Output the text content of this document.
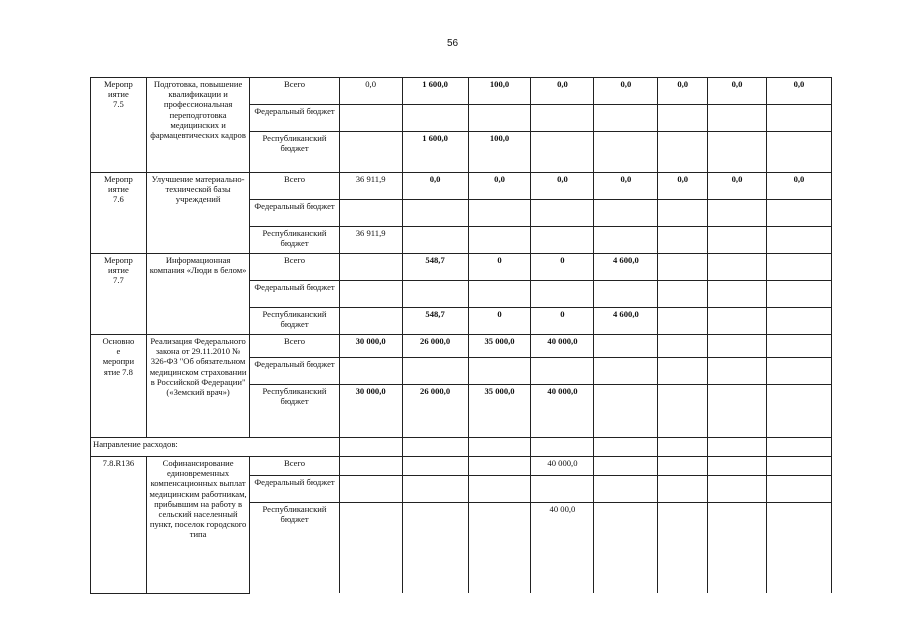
56
Меропр
иятие
7.5	Подготовка, повышение квалификации и профессиональная переподготовка медицинских и фармацевтических кадров	Всего	0,0	1 600,0	100,0	0,0	0,0	0,0	0,0	0,0
		Федеральный бюджет								
		Республиканский бюджет		1 600,0	100,0					
Меропр
иятие
7.6	Улучшение материально-технической базы учреждений	Всего	36 911,9	0,0	0,0	0,0	0,0	0,0	0,0	0,0
		Федеральный бюджет								
		Республиканский бюджет	36 911,9							
Меропр
иятие
7.7	Информационная компания «Люди в белом»	Всего		548,7	0	0	4 600,0			
		Федеральный бюджет								
		Республиканский бюджет		548,7	0	0	4 600,0			
Основно
е
меропри
ятие 7.8	Реализация Федерального закона от 29.11.2010 № 326-ФЗ "Об обязательном медицинском страховании в Российской Федерации" («Земский врач»)	Всего	30 000,0	26 000,0	35 000,0	40 000,0				
		Федеральный бюджет								
		Республиканский бюджет	30 000,0	26 000,0	35 000,0	40 000,0				
Направление расходов:										
7.8.R136	Софинансирование единовременных компенсационных выплат медицинским работникам, прибывшим на работу в сельский населенный пункт, поселок городского типа	Всего				40 000,0				
		Федеральный бюджет								
		Республиканский бюджет				40 00,0				
